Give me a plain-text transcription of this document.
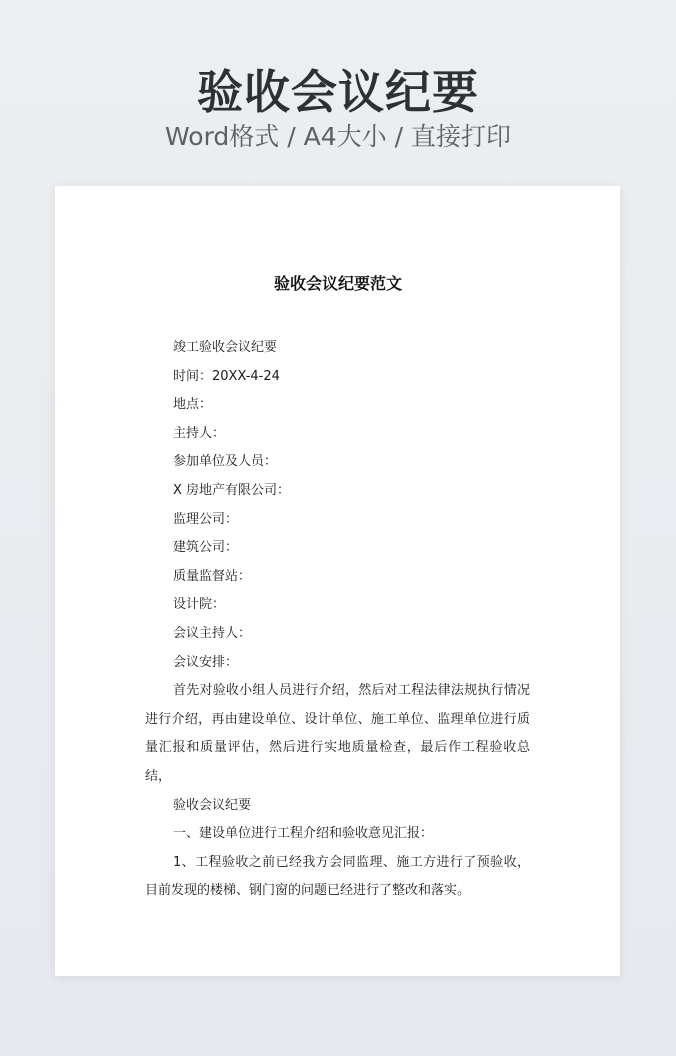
验收会议纪要
Word格式 / A4大小 / 直接打印
验收会议纪要范文

竣工验收会议纪要

时间：20XX-4-24

地点：

主持人：

参加单位及人员：

X 房地产有限公司：

监理公司：

建筑公司：

质量监督站：

设计院：

会议主持人：

会议安排：

首先对验收小组人员进行介绍，然后对工程法律法规执行情况进行介绍，再由建设单位、设计单位、施工单位、监理单位进行质量汇报和质量评估，然后进行实地质量检查，最后作工程验收总结，

验收会议纪要

一、建设单位进行工程介绍和验收意见汇报：

1、工程验收之前已经我方会同监理、施工方进行了预验收，目前发现的楼梯、钢门窗的问题已经进行了整改和落实。
